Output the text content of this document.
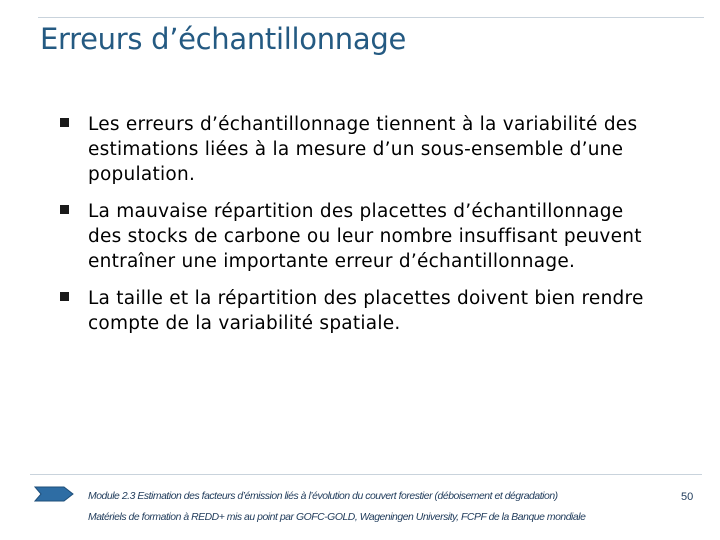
Erreurs d’échantillonnage
Les erreurs d’échantillonnage tiennent à la variabilité des estimations liées à la mesure d’un sous-ensemble d’une population.
La mauvaise répartition des placettes d’échantillonnage des stocks de carbone ou leur nombre insuffisant peuvent entraîner une importante erreur d’échantillonnage.
La taille et la répartition des placettes doivent bien rendre compte de la variabilité spatiale.
Module 2.3 Estimation des facteurs d’émission liés à l’évolution du couvert forestier (déboisement et dégradation)
Matériels de formation à REDD+ mis au point par GOFC-GOLD, Wageningen University, FCPF de la Banque mondiale
50
